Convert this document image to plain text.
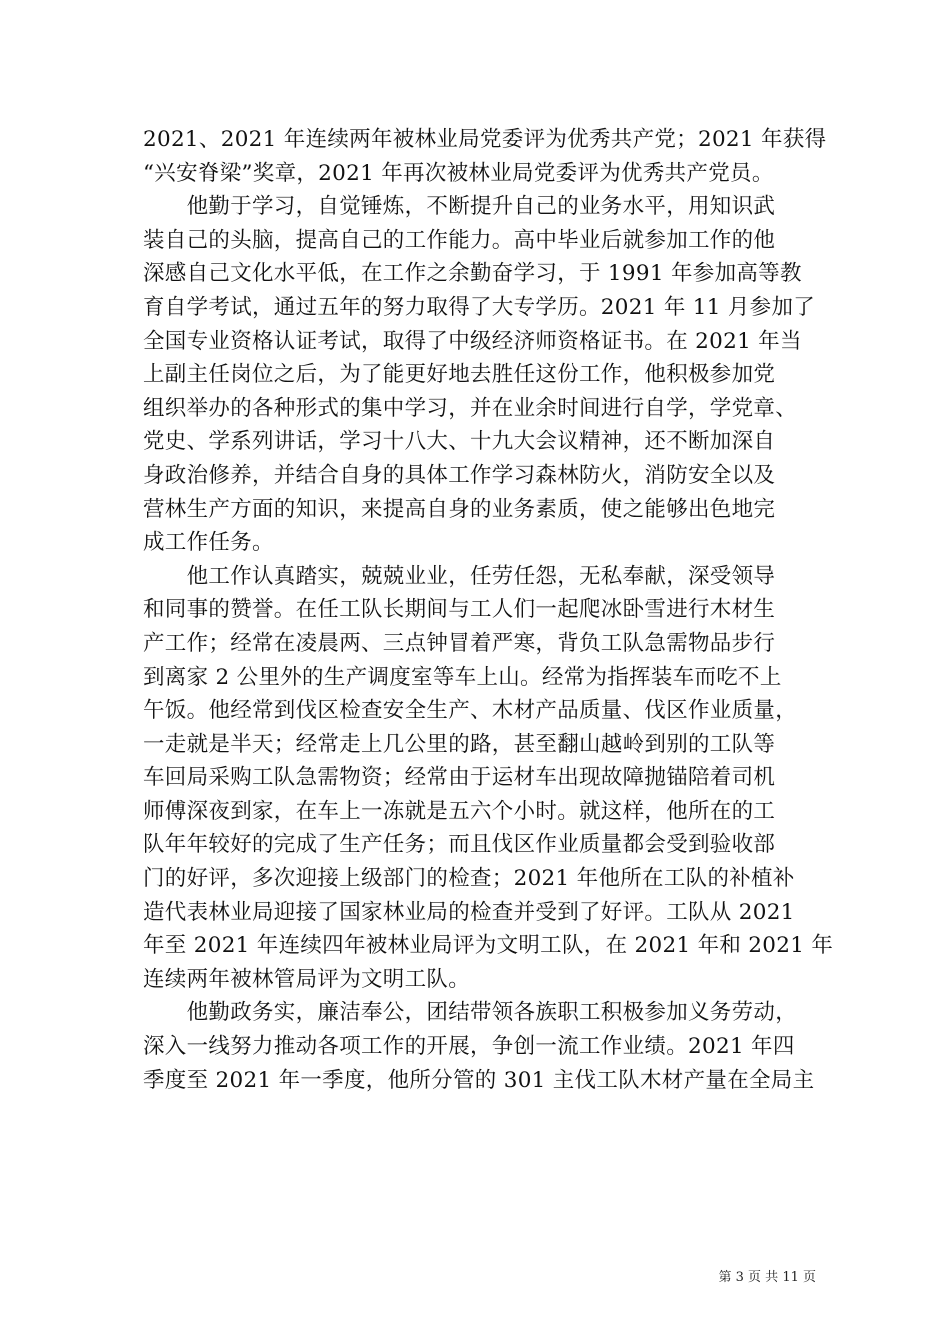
2021、2021 年连续两年被林业局党委评为优秀共产党；2021 年获得
“兴安脊梁”奖章，2021 年再次被林业局党委评为优秀共产党员。
　　他勤于学习，自觉锤炼，不断提升自己的业务水平，用知识武
装自己的头脑，提高自己的工作能力。高中毕业后就参加工作的他
深感自己文化水平低，在工作之余勤奋学习，于 1991 年参加高等教
育自学考试，通过五年的努力取得了大专学历。2021 年 11 月参加了
全国专业资格认证考试，取得了中级经济师资格证书。在 2021 年当
上副主任岗位之后，为了能更好地去胜任这份工作，他积极参加党
组织举办的各种形式的集中学习，并在业余时间进行自学，学党章、
党史、学系列讲话，学习十八大、十九大会议精神，还不断加深自
身政治修养，并结合自身的具体工作学习森林防火，消防安全以及
营林生产方面的知识，来提高自身的业务素质，使之能够出色地完
成工作任务。
　　他工作认真踏实，兢兢业业，任劳任怨，无私奉献，深受领导
和同事的赞誉。在任工队长期间与工人们一起爬冰卧雪进行木材生
产工作；经常在凌晨两、三点钟冒着严寒，背负工队急需物品步行
到离家 2 公里外的生产调度室等车上山。经常为指挥装车而吃不上
午饭。他经常到伐区检查安全生产、木材产品质量、伐区作业质量，
一走就是半天；经常走上几公里的路，甚至翻山越岭到别的工队等
车回局采购工队急需物资；经常由于运材车出现故障抛锚陪着司机
师傅深夜到家，在车上一冻就是五六个小时。就这样，他所在的工
队年年较好的完成了生产任务；而且伐区作业质量都会受到验收部
门的好评，多次迎接上级部门的检查；2021 年他所在工队的补植补
造代表林业局迎接了国家林业局的检查并受到了好评。工队从 2021
年至 2021 年连续四年被林业局评为文明工队，在 2021 年和 2021 年
连续两年被林管局评为文明工队。
　　他勤政务实，廉洁奉公，团结带领各族职工积极参加义务劳动，
深入一线努力推动各项工作的开展，争创一流工作业绩。2021 年四
季度至 2021 年一季度，他所分管的 301 主伐工队木材产量在全局主
第 3 页 共 11 页
